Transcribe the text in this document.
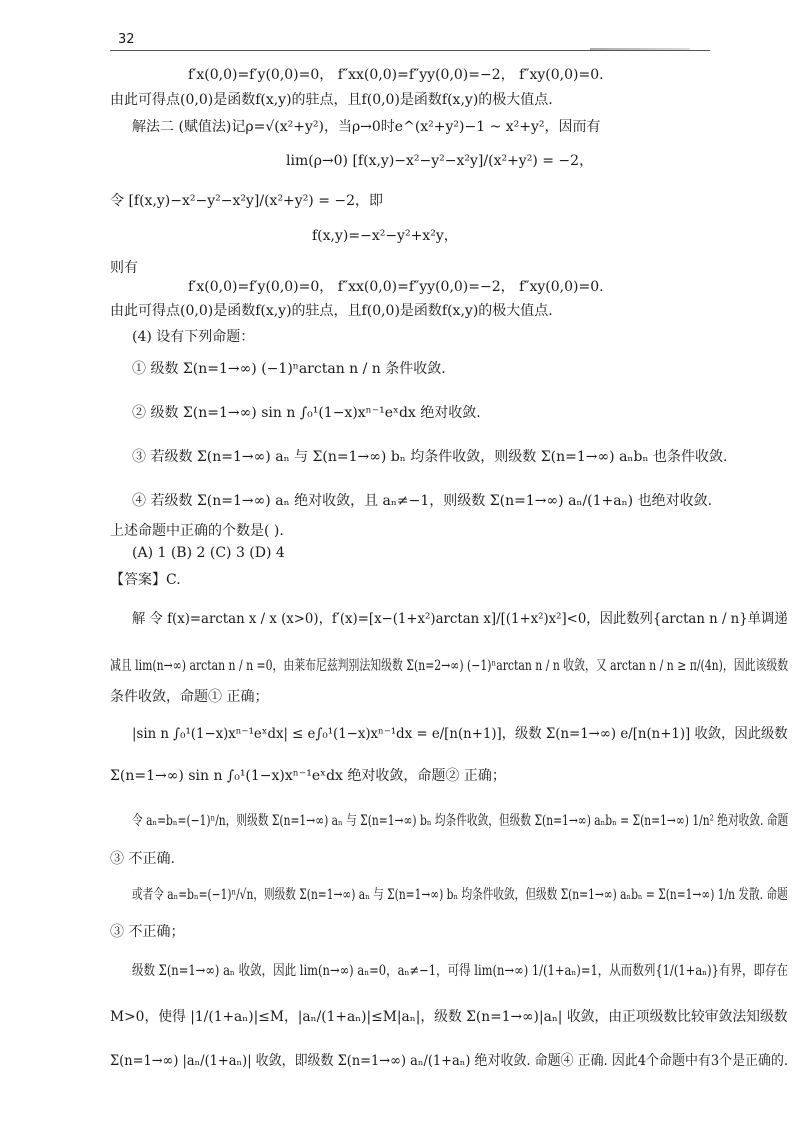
32
f′x(0,0)=f′y(0,0)=0， f″xx(0,0)=f″yy(0,0)=−2， f″xy(0,0)=0.
由此可得点(0,0)是函数f(x,y)的驻点，且f(0,0)是函数f(x,y)的极大值点.
解法二 (赋值法)记ρ=√(x²+y²)，当ρ→0时e^(x²+y²)−1 ~ x²+y²，因而有
lim(ρ→0) [f(x,y)−x²−y²−x²y]/(x²+y²) = −2，
令 [f(x,y)−x²−y²−x²y]/(x²+y²) = −2，即
f(x,y)=−x²−y²+x²y，
则有
f′x(0,0)=f′y(0,0)=0， f″xx(0,0)=f″yy(0,0)=−2， f″xy(0,0)=0.
由此可得点(0,0)是函数f(x,y)的驻点，且f(0,0)是函数f(x,y)的极大值点.
(4) 设有下列命题：
① 级数 Σ(n=1→∞) (−1)ⁿarctan n / n 条件收敛.
② 级数 Σ(n=1→∞) sin n ∫₀¹(1−x)xⁿ⁻¹eˣdx 绝对收敛.
③ 若级数 Σ(n=1→∞) aₙ 与 Σ(n=1→∞) bₙ 均条件收敛，则级数 Σ(n=1→∞) aₙbₙ 也条件收敛.
④ 若级数 Σ(n=1→∞) aₙ 绝对收敛，且 aₙ≠−1，则级数 Σ(n=1→∞) aₙ/(1+aₙ) 也绝对收敛.
上述命题中正确的个数是( ).
(A) 1 (B) 2 (C) 3 (D) 4
【答案】C.
解 令 f(x)=arctan x / x (x>0)，f′(x)=[x−(1+x²)arctan x]/[(1+x²)x²]<0，因此数列{arctan n / n}单调递
减且 lim(n→∞) arctan n / n =0，由莱布尼兹判别法知级数 Σ(n=2→∞) (−1)ⁿarctan n / n 收敛，又 arctan n / n ≥ π/(4n)，因此该级数
条件收敛，命题① 正确；
|sin n ∫₀¹(1−x)xⁿ⁻¹eˣdx| ≤ e∫₀¹(1−x)xⁿ⁻¹dx = e/[n(n+1)]，级数 Σ(n=1→∞) e/[n(n+1)] 收敛，因此级数
Σ(n=1→∞) sin n ∫₀¹(1−x)xⁿ⁻¹eˣdx 绝对收敛，命题② 正确；
令 aₙ=bₙ=(−1)ⁿ/n，则级数 Σ(n=1→∞) aₙ 与 Σ(n=1→∞) bₙ 均条件收敛，但级数 Σ(n=1→∞) aₙbₙ = Σ(n=1→∞) 1/n² 绝对收敛. 命题
③ 不正确.
或者令 aₙ=bₙ=(−1)ⁿ/√n，则级数 Σ(n=1→∞) aₙ 与 Σ(n=1→∞) bₙ 均条件收敛，但级数 Σ(n=1→∞) aₙbₙ = Σ(n=1→∞) 1/n 发散. 命题
③ 不正确；
级数 Σ(n=1→∞) aₙ 收敛，因此 lim(n→∞) aₙ=0，aₙ≠−1，可得 lim(n→∞) 1/(1+aₙ)=1，从而数列{1/(1+aₙ)}有界，即存在
M>0，使得 |1/(1+aₙ)|≤M，|aₙ/(1+aₙ)|≤M|aₙ|，级数 Σ(n=1→∞)|aₙ| 收敛，由正项级数比较审敛法知级数
Σ(n=1→∞) |aₙ/(1+aₙ)| 收敛，即级数 Σ(n=1→∞) aₙ/(1+aₙ) 绝对收敛. 命题④ 正确. 因此4个命题中有3个是正确的.
